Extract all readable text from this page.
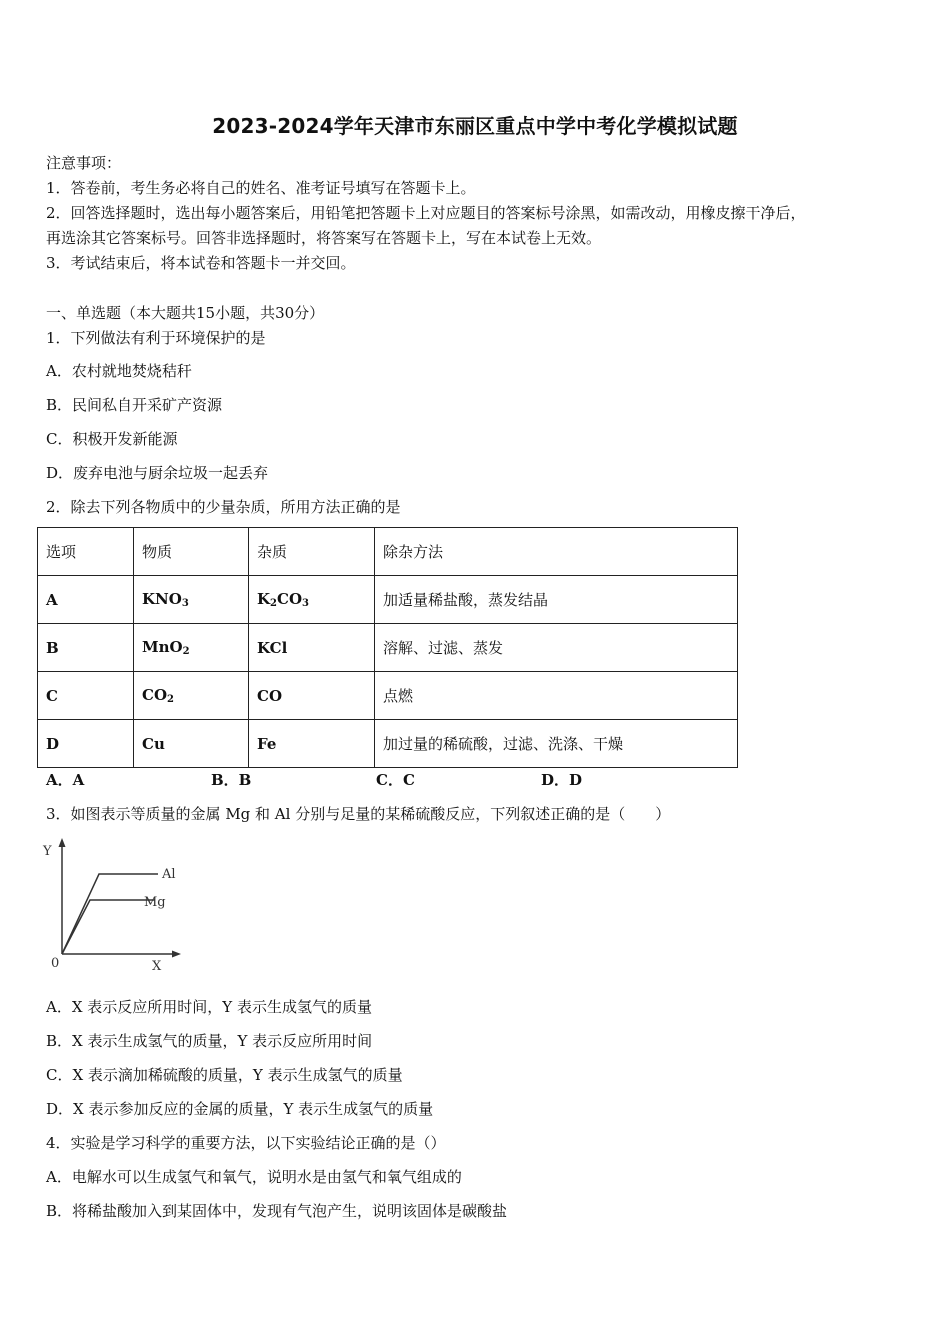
2023-2024学年天津市东丽区重点中学中考化学模拟试题
注意事项：
1．答卷前，考生务必将自己的姓名、准考证号填写在答题卡上。
2．回答选择题时，选出每小题答案后，用铅笔把答题卡上对应题目的答案标号涂黑，如需改动，用橡皮擦干净后，
再选涂其它答案标号。回答非选择题时，将答案写在答题卡上，写在本试卷上无效。
3．考试结束后，将本试卷和答题卡一并交回。
一、单选题（本大题共15小题，共30分）
1．下列做法有利于环境保护的是
A．农村就地焚烧秸秆
B．民间私自开采矿产资源
C．积极开发新能源
D．废弃电池与厨余垃圾一起丢弃
2．除去下列各物质中的少量杂质，所用方法正确的是
选项	物质	杂质	除杂方法
A	$KNO_3$	$K_2CO_3$	加适量稀盐酸，蒸发结晶
B	MnO$_2$	KCl	溶解、过滤、蒸发
C	$CO_2$	CO	点燃
D	Cu	Fe	加过量的稀硫酸，过滤、洗涤、干燥
A．A	B．B	C．C	D．D
3．如图表示等质量的金属 Mg 和 Al 分别与足量的某稀硫酸反应，下列叙述正确的是（　　）
Y
X
0
Al
Mg
A．X 表示反应所用时间，Y 表示生成氢气的质量
B．X 表示生成氢气的质量，Y 表示反应所用时间
C．X 表示滴加稀硫酸的质量，Y 表示生成氢气的质量
D．X 表示参加反应的金属的质量，Y 表示生成氢气的质量
4．实验是学习科学的重要方法，以下实验结论正确的是（）
A．电解水可以生成氢气和氧气，说明水是由氢气和氧气组成的
B．将稀盐酸加入到某固体中，发现有气泡产生，说明该固体是碳酸盐
